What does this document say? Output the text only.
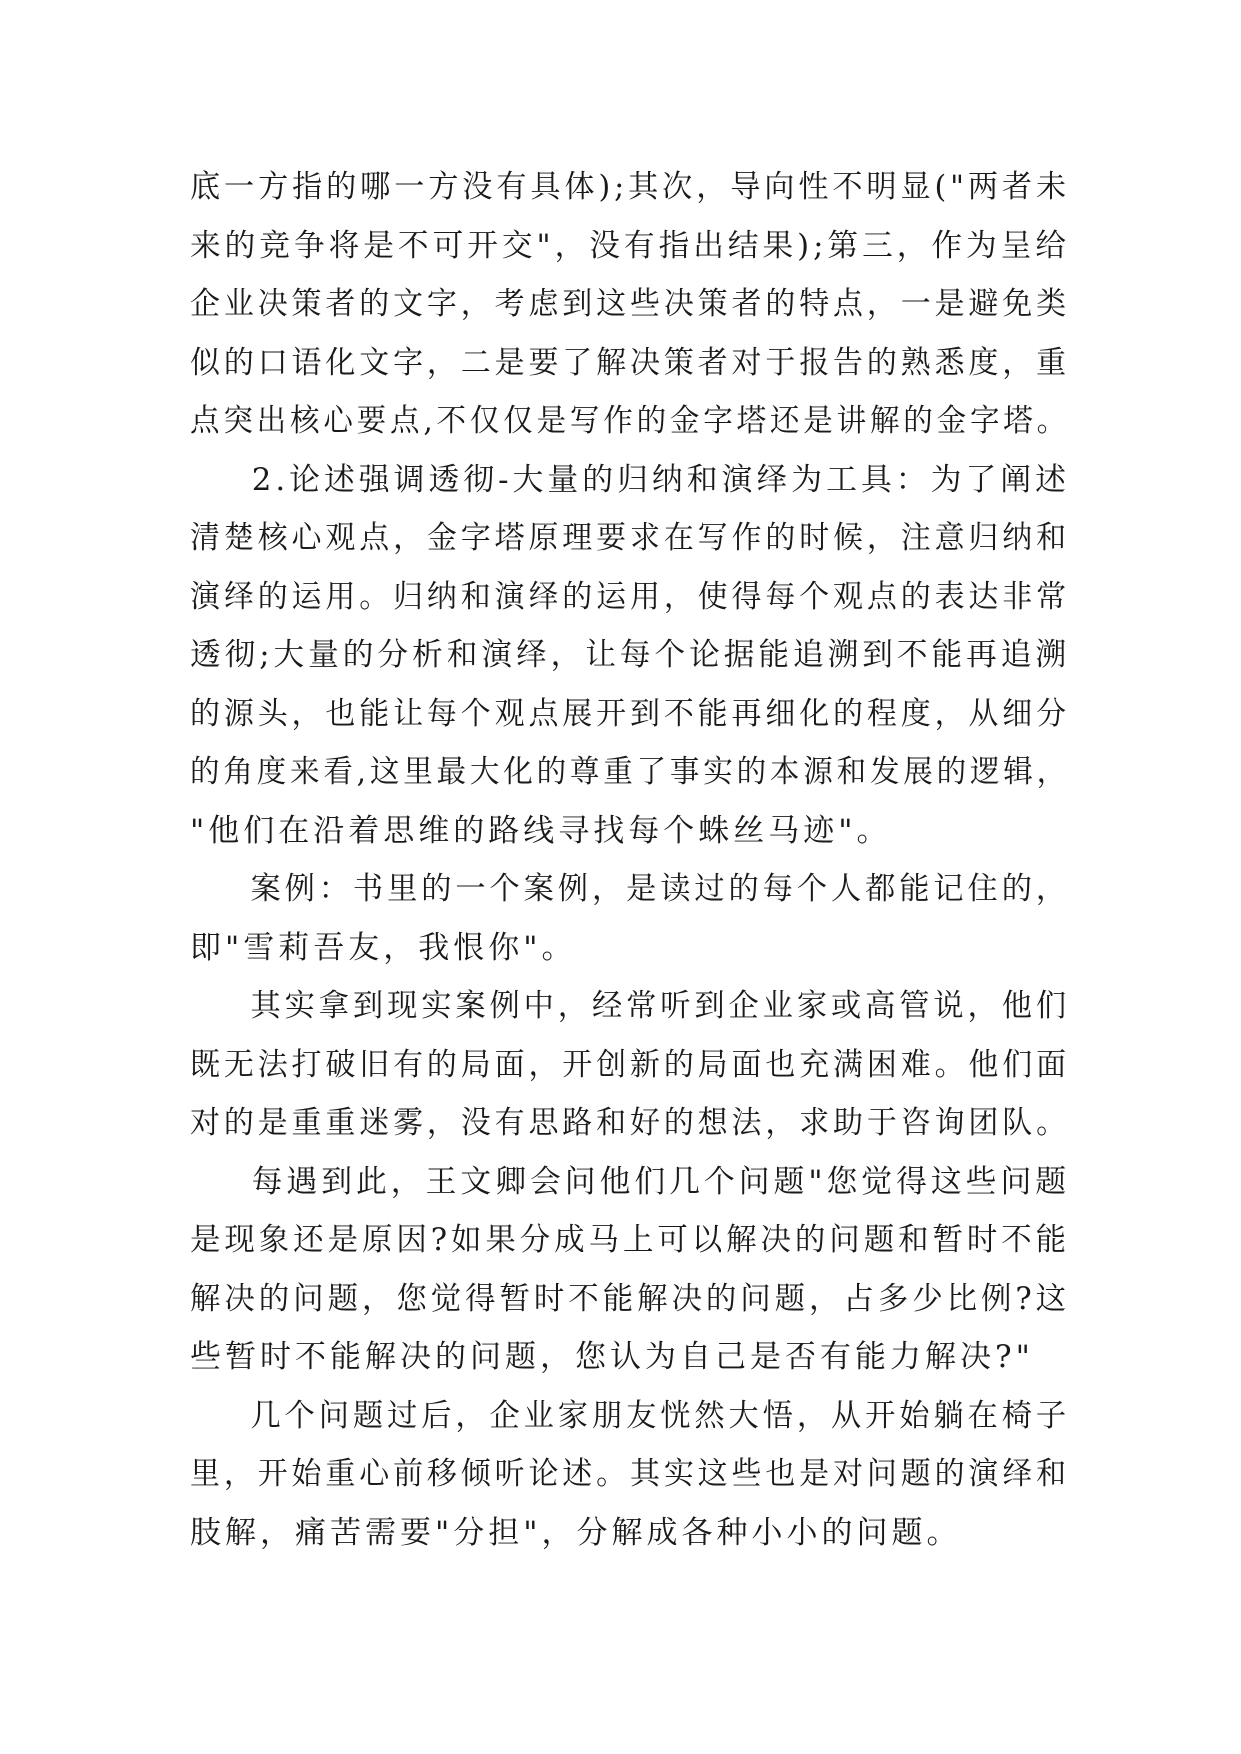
底一方指的哪一方没有具体);其次，导向性不明显("两者未
来的竞争将是不可开交"，没有指出结果);第三，作为呈给
企业决策者的文字，考虑到这些决策者的特点，一是避免类
似的口语化文字，二是要了解决策者对于报告的熟悉度，重
点突出核心要点,不仅仅是写作的金字塔还是讲解的金字塔。
2.论述强调透彻-大量的归纳和演绎为工具：为了阐述
清楚核心观点，金字塔原理要求在写作的时候，注意归纳和
演绎的运用。归纳和演绎的运用，使得每个观点的表达非常
透彻;大量的分析和演绎，让每个论据能追溯到不能再追溯
的源头，也能让每个观点展开到不能再细化的程度，从细分
的角度来看,这里最大化的尊重了事实的本源和发展的逻辑，
"他们在沿着思维的路线寻找每个蛛丝马迹"。
案例：书里的一个案例，是读过的每个人都能记住的，
即"雪莉吾友，我恨你"。
其实拿到现实案例中，经常听到企业家或高管说，他们
既无法打破旧有的局面，开创新的局面也充满困难。他们面
对的是重重迷雾，没有思路和好的想法，求助于咨询团队。
每遇到此，王文卿会问他们几个问题"您觉得这些问题
是现象还是原因?如果分成马上可以解决的问题和暂时不能
解决的问题，您觉得暂时不能解决的问题，占多少比例?这
些暂时不能解决的问题，您认为自己是否有能力解决?"
几个问题过后，企业家朋友恍然大悟，从开始躺在椅子
里，开始重心前移倾听论述。其实这些也是对问题的演绎和
肢解，痛苦需要"分担"，分解成各种小小的问题。
